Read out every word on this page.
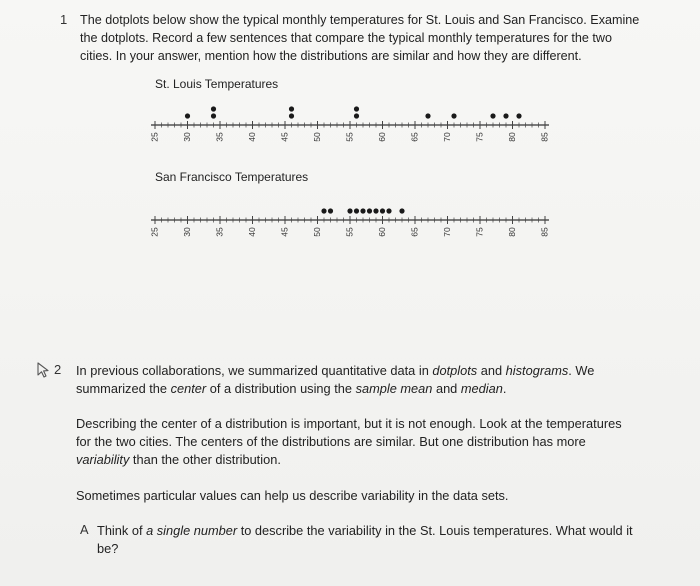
1 The dotplots below show the typical monthly temperatures for St. Louis and San Francisco. Examine
the dotplots. Record a few sentences that compare the typical monthly temperatures for the two
cities. In your answer, mention how the distributions are similar and how they are different.
St. Louis Temperatures
25	30	35	40	45	50	55	60	65	70	75	80	85
San Francisco Temperatures
25	30	35	40	45	50	55	60	65	70	75	80	85
2 In previous collaborations, we summarized quantitative data in dotplots and histograms. We
summarized the center of a distribution using the sample mean and median.
Describing the center of a distribution is important, but it is not enough. Look at the temperatures
for the two cities. The centers of the distributions are similar. But one distribution has more
variability than the other distribution.
Sometimes particular values can help us describe variability in the data sets.
A Think of a single number to describe the variability in the St. Louis temperatures. What would it
be?
